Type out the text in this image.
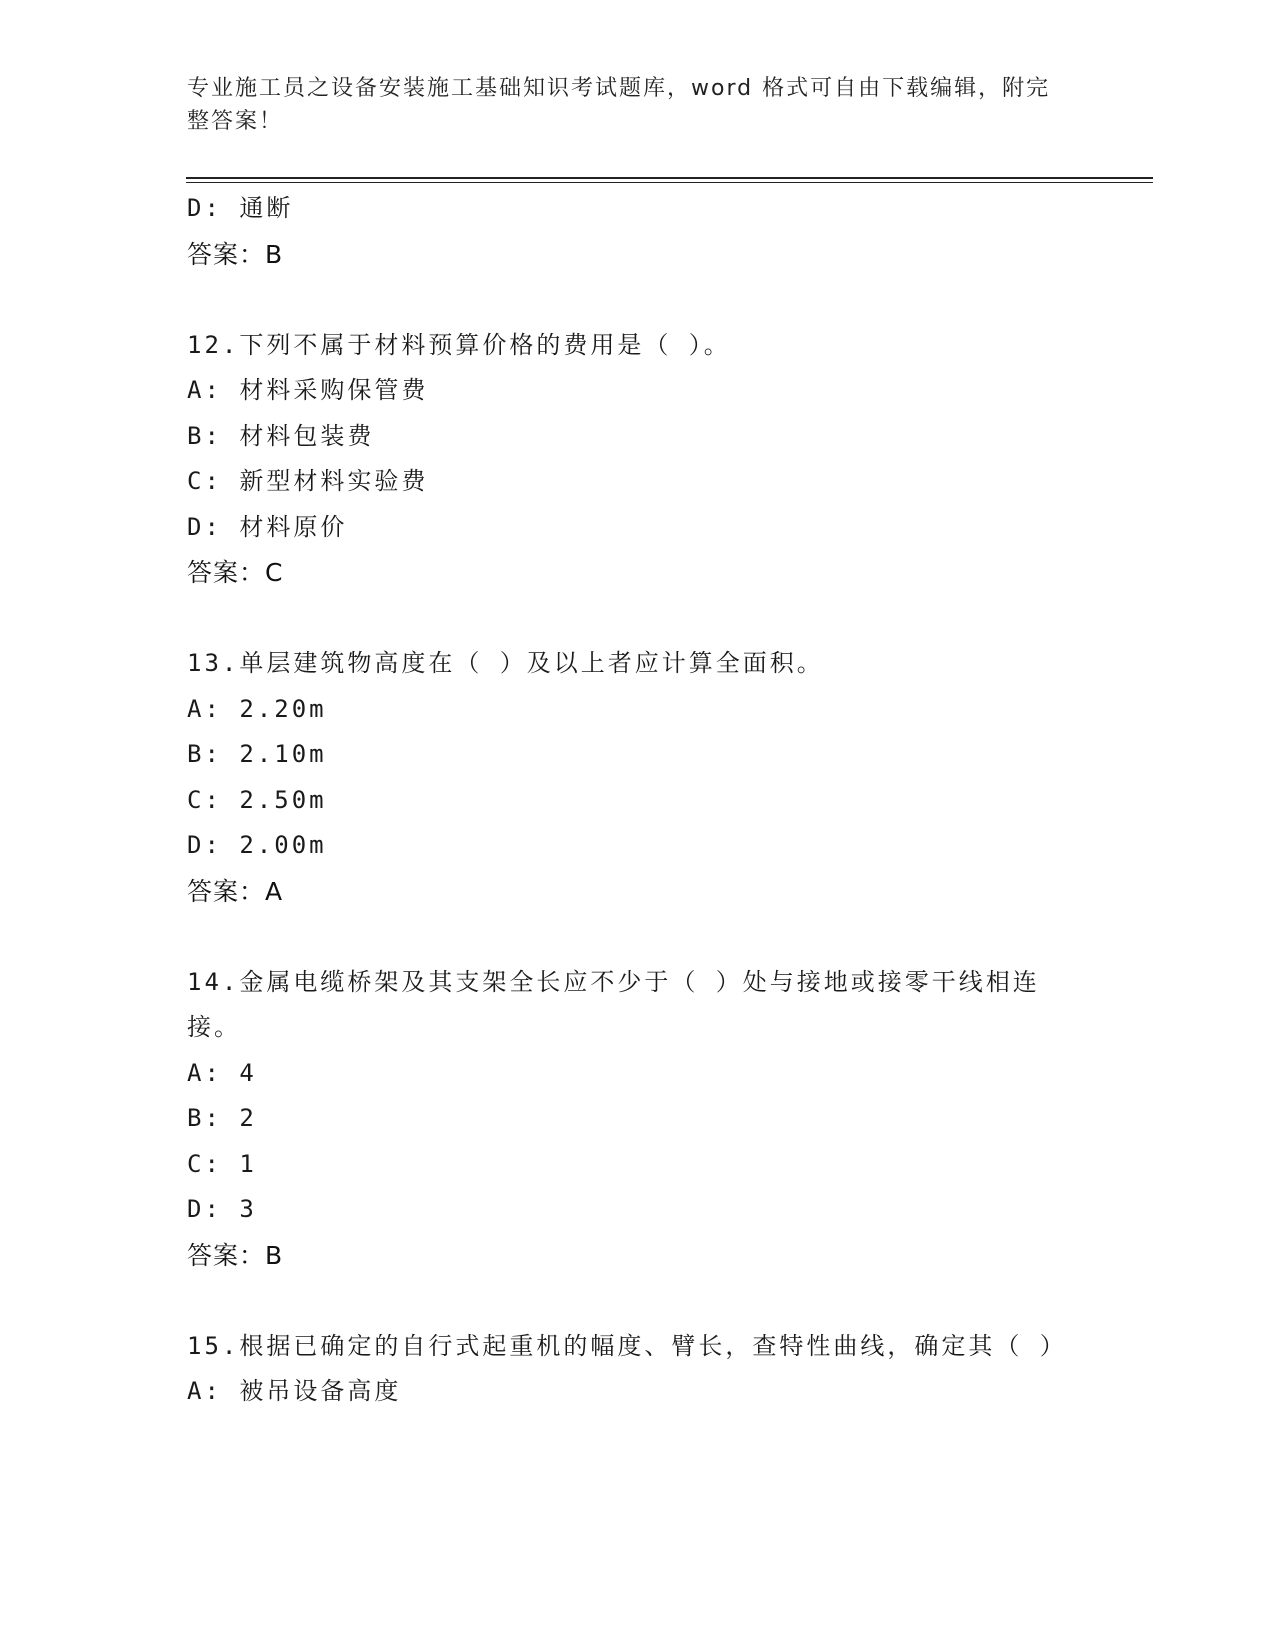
专业施工员之设备安装施工基础知识考试题库，word 格式可自由下载编辑，附完整答案！
D: 通断
答案：B
12.下列不属于材料预算价格的费用是（ ）。
A: 材料采购保管费
B: 材料包装费
C: 新型材料实验费
D: 材料原价
答案：C
13.单层建筑物高度在（ ）及以上者应计算全面积。
A: 2.20m
B: 2.10m
C: 2.50m
D: 2.00m
答案：A
14.金属电缆桥架及其支架全长应不少于（ ）处与接地或接零干线相连接。
A: 4
B: 2
C: 1
D: 3
答案：B
15.根据已确定的自行式起重机的幅度、臂长，查特性曲线，确定其（ ）
A: 被吊设备高度
